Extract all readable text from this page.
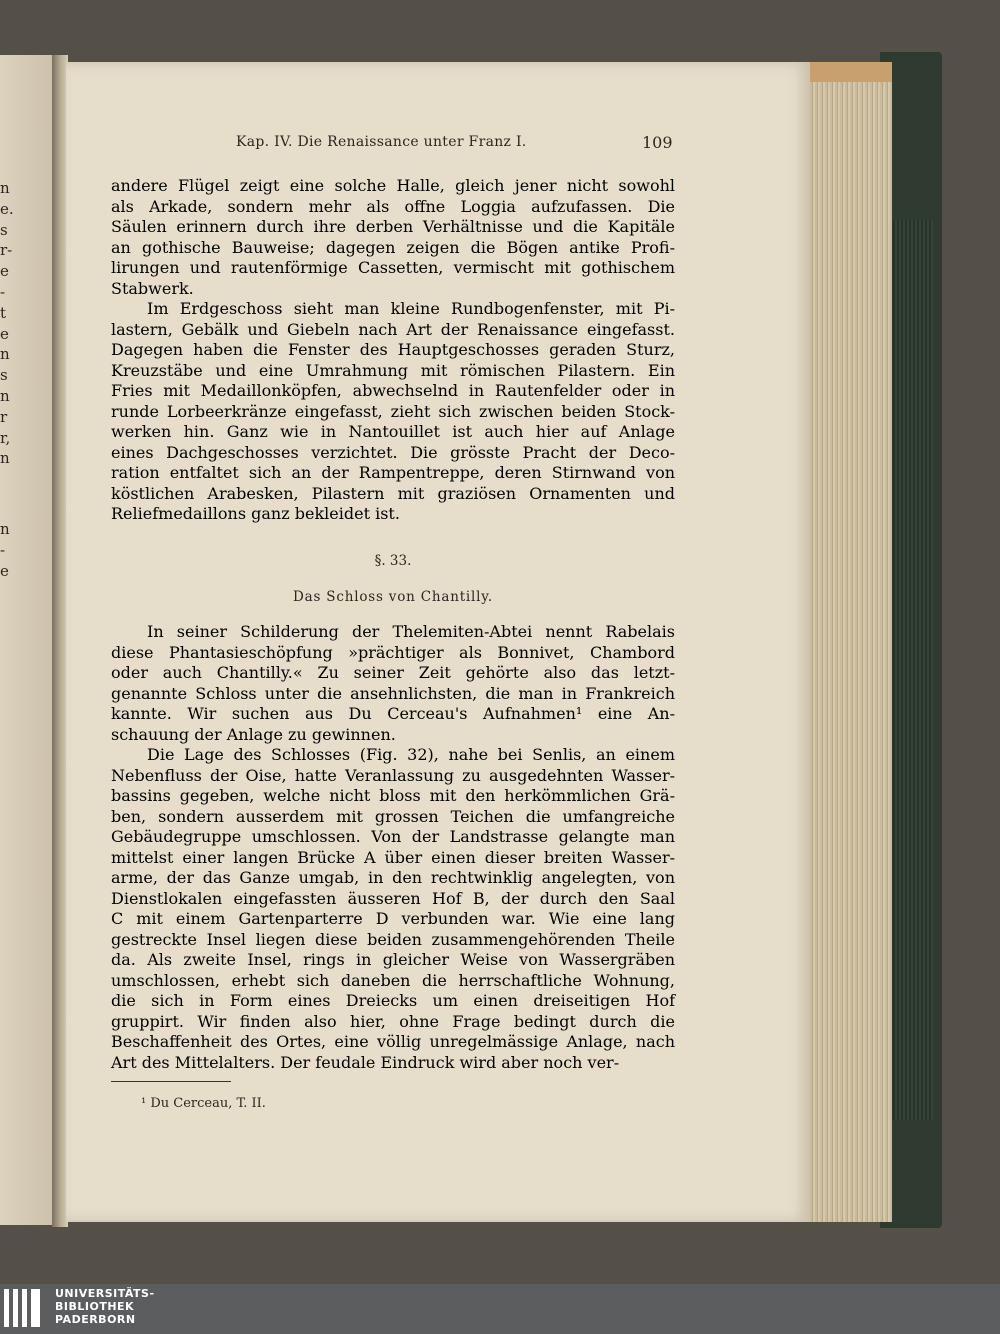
n
e.
s
r-
e
-
t
e
n
s
n
r
r,
n
n
-
e
Kap. IV. Die Renaissance unter Franz I.	109
andere Flügel zeigt eine solche Halle, gleich jener nicht sowohl
als Arkade, sondern mehr als offne Loggia aufzufassen. Die
Säulen erinnern durch ihre derben Verhältnisse und die Kapitäle
an gothische Bauweise; dagegen zeigen die Bögen antike Profi-
lirungen und rautenförmige Cassetten, vermischt mit gothischem
Stabwerk.
Im Erdgeschoss sieht man kleine Rundbogenfenster, mit Pi-
lastern, Gebälk und Giebeln nach Art der Renaissance eingefasst.
Dagegen haben die Fenster des Hauptgeschosses geraden Sturz,
Kreuzstäbe und eine Umrahmung mit römischen Pilastern. Ein
Fries mit Medaillonköpfen, abwechselnd in Rautenfelder oder in
runde Lorbeerkränze eingefasst, zieht sich zwischen beiden Stock-
werken hin. Ganz wie in Nantouillet ist auch hier auf Anlage
eines Dachgeschosses verzichtet. Die grösste Pracht der Deco-
ration entfaltet sich an der Rampentreppe, deren Stirnwand von
köstlichen Arabesken, Pilastern mit graziösen Ornamenten und
Reliefmedaillons ganz bekleidet ist.
In seiner Schilderung der Thelemiten-Abtei nennt Rabelais
diese Phantasieschöpfung »prächtiger als Bonnivet, Chambord
oder auch Chantilly.« Zu seiner Zeit gehörte also das letzt-
genannte Schloss unter die ansehnlichsten, die man in Frankreich
kannte. Wir suchen aus Du Cerceau's Aufnahmen¹ eine An-
schauung der Anlage zu gewinnen.
Die Lage des Schlosses (Fig. 32), nahe bei Senlis, an einem
Nebenfluss der Oise, hatte Veranlassung zu ausgedehnten Wasser-
bassins gegeben, welche nicht bloss mit den herkömmlichen Grä-
ben, sondern ausserdem mit grossen Teichen die umfangreiche
Gebäudegruppe umschlossen. Von der Landstrasse gelangte man
mittelst einer langen Brücke A über einen dieser breiten Wasser-
arme, der das Ganze umgab, in den rechtwinklig angelegten, von
Dienstlokalen eingefassten äusseren Hof B, der durch den Saal
C mit einem Gartenparterre D verbunden war. Wie eine lang
gestreckte Insel liegen diese beiden zusammengehörenden Theile
da. Als zweite Insel, rings in gleicher Weise von Wassergräben
umschlossen, erhebt sich daneben die herrschaftliche Wohnung,
die sich in Form eines Dreiecks um einen dreiseitigen Hof
gruppirt. Wir finden also hier, ohne Frage bedingt durch die
Beschaffenheit des Ortes, eine völlig unregelmässige Anlage, nach
Art des Mittelalters. Der feudale Eindruck wird aber noch ver-
§. 33.
Das Schloss von Chantilly.
¹ Du Cerceau, T. II.
UNIVERSITÄTS-
BIBLIOTHEK
PADERBORN
